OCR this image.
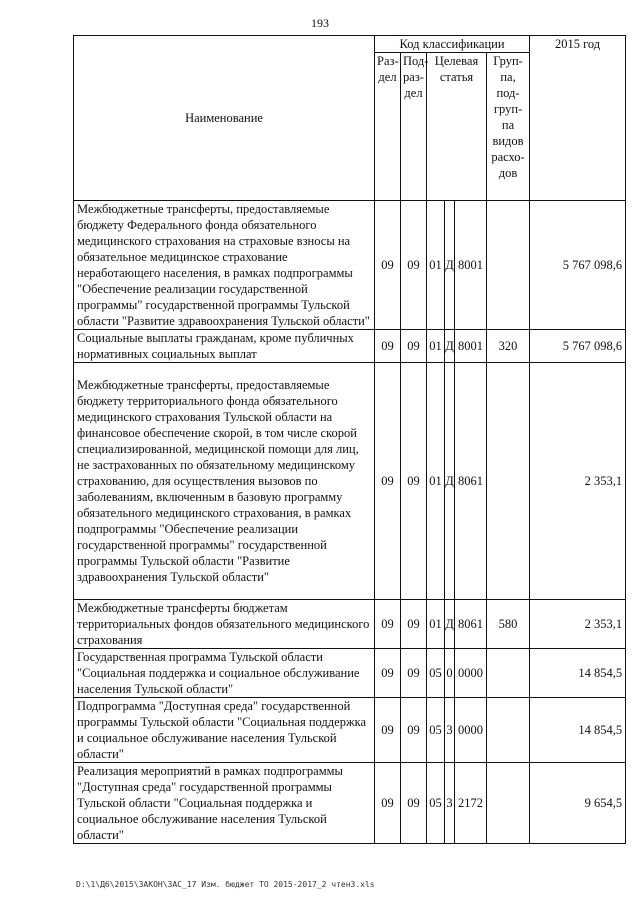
193
Наименование	Код классификации						2015 год
	Раз-дел	Под-раз-дел	Целевая статья			Груп-па, под-груп-па видов расхо-дов	
Межбюджетные трансферты, предоставляемые бюджету Федерального фонда обязательного медицинского страхования на страховые взносы на обязательное медицинское страхование неработающего населения, в рамках подпрограммы "Обеспечение реализации государственной программы" государственной программы Тульской области "Развитие здравоохранения Тульской области"	09	09	01	Д	8001		5 767 098,6
Социальные выплаты гражданам, кроме публичных нормативных социальных выплат	09	09	01	Д	8001	320	5 767 098,6
Межбюджетные трансферты, предоставляемые бюджету территориального фонда обязательного медицинского страхования Тульской области на финансовое обеспечение скорой, в том числе скорой специализированной, медицинской помощи для лиц, не застрахованных по обязательному медицинскому страхованию, для осуществления вызовов по заболеваниям, включенным в базовую программу обязательного медицинского страхования, в рамках подпрограммы "Обеспечение реализации государственной программы" государственной программы Тульской области "Развитие здравоохранения Тульской области"	09	09	01	Д	8061		2 353,1
Межбюджетные трансферты бюджетам территориальных фондов обязательного медицинского страхования	09	09	01	Д	8061	580	2 353,1
Государственная программа Тульской области "Социальная поддержка и социальное обслуживание населения Тульской области"	09	09	05	0	0000		14 854,5
Подпрограмма "Доступная среда" государственной программы Тульской области "Социальная поддержка и социальное обслуживание населения Тульской области"	09	09	05	3	0000		14 854,5
Реализация мероприятий в рамках подпрограммы "Доступная среда" государственной программы Тульской области "Социальная поддержка и социальное обслуживание населения Тульской области"	09	09	05	3	2172		9 654,5
D:\1\Д6\2015\ЗАКОН\ЗАС_17 Изм. бюджет ТО 2015-2017_2 чтен3.xls
